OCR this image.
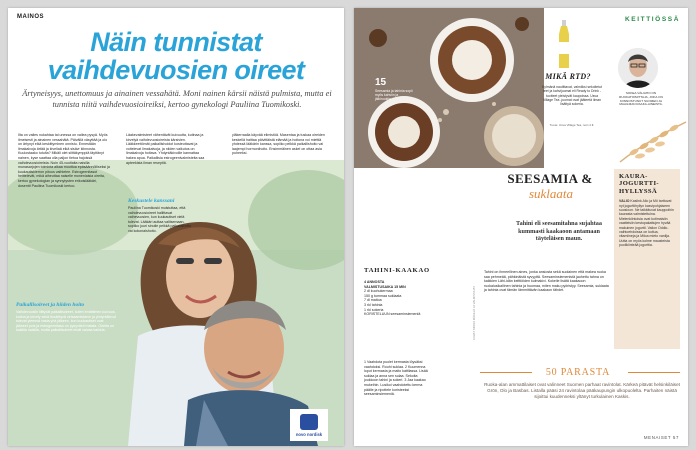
MAINOS
Näin tunnistat
vaihdevuosien oireet
Ärtyneisyys, unettomuus ja ainainen vessahätä. Moni nainen kärsii näistä pulmista, mutta ei tunnista niitä vaihdevuosioireiksi, kertoo gynekologi Pauliina Tuomikoski.

Ilta on vailes nukahtaa tai unessa on vailea pysyä. Myös ilmeisesti ja ainainen vessahätä. Päivällä väsyttää ja olo on ärtynyt eikä keskittyminen onnistu. Ennestään limakalvoja ärtää ja kiveliaä eikä sisävr kiinnosta. Kuulostaako tutulta? Mikäli olet siittäkymppiä täyttänyt nainen, kyse saattaa olla paljon tietoa hajoissä vaihdevuosioireista. Noin 45-vuotiaita naisilla munasarjojen toiminta alkaa muuttua epäsäännölliseksi ja kuukautiskierron pituus vaihtelee. Estrogeenitasot heittelevät, mikä aiheuttaa naiselle monenlaisia oireita, kertoo gynekologian ja synnytysten erikoislääkäri, dosentti Pauliina Tuomikoski kertoo.

Paikallisoireet ja hiiden hoito

Vaihdevuosiin liittyvät paikallisoireet, kuten emättimen kuivuus, kutina ja kirvely sekä tiuskittyvä virtsaamistarve ja yhdyntäkivut tulevat yleensä vasta yhä jälkeen, kun kuukautiset ovat jääneet pois ja estrogeenitaso on pysyvästi matala. Oireita on kaikilla naisilla, mutta paikallisoireet eivät vaivaa kaikkia.

Läakevalmisteet vähentävät kuivuutta, kutinaa ja kirvelyä vaihdevuosioireista kärsivien. Lääkkeettömät paikallishoidot kosteuttavat ja voitelevat limakalvoja, ja niiden vaikutus on limakalvoja hoitava. Yhdyntäkivuille kannattaa hakea apua. Paikallisia estrogeenivalmisteita saa apteekista ilman reseptiä.

Keskustele kanssani

Pauliina Tuomikoski muistuttaa, että vaihdevuosioireet hallittavat vaihevuosien, kun kuukautiset vielä tulevat. Lääkäri auttaa valitsemaan, sopiiko juuri sinulle pelkkä paikallishoito vai kokonaishoito.

yläkerraalla käyvää elimistöä. Masentaa ja tuskaa oireiden keskellä haittaa päivittäistä elämää ja hoitona voi miettiä yhdessä lääkärin kanssa, sopiiko pelkkä paikallishoito vai laajempi hormonihoito. Ensimmäinen askel on ottaa asia puheeksi.

novo nordisk
15
Seesamia ja tahinia sopii myös kahviin ja jälkiruokiin.
KEITTIÖSSÄ
MIKÄ RTD?
Kylmänä nautittavat, valmiiksi sekoitetut teet ja kahvijuomat eli Ready to Drink -tuotteet yleistyvät kaupoissa. Usva Village Tea -juomat ovat jääteetä ilman lisättyä sokeria.
Tuote: Usva Village Tea, noin 4 €.
SOKEA VÄLIAHO ON RUOKATOIMITTAJA, JOKA ON KIINNOSTUNUT SUOMEN JA MAAILMAN RAAKA-AINEISTA.
SEESAMIA &
suklaata
Tahini eli seesamitahna sujahtaa kummasti kaakaoon antamaan täyteläisen maun.
KAURA-JOGURTTI-HYLLYSSÄ
VALIO Kaslink Alio ja Mö tarttuvat nyt jogurttihyllyn kasvipohjaiseen suosioon. Ne taikkituvat kauppoihin kaurasta valmistettuina. Mielenkiintoisia ovat kotimaisiin vaatteisiin kestopakattujen hyvää makuinen jogurtti. Valion Oddlo-vaihtoehdoissa on kuitua, vitamiineja ja Miloa mieto vanilja. Uutta on myös kolme mausteista puolikiinteää jogurttia.
TAHINI-KAAKAO
4 ANNOSTA
VALMISTUSAIKA 15 MIN
2 dl kuohukermaa
150 g tummaa suklaata
7 dl maitoa
3 rkl tahinia
1 rkl sokeria
KORISTELUUN seesaminsiemeniä
1 Vaahdota puolet kermasta löysäksi vaahdoksi. Rouhi suklaa. 2 Kuumenna loput kermasta ja maito kattilassa. Lisää suklaa ja anna sen sulaa. Sekoita joukkoon tahini ja sokeri. 3 Jaa kaakao mukeihin. Lusikoi vaahdotettu kerma päälle ja ripottele koristeeksi seesaminsiemeniä.
Tahini on ihmeellinen aines, jonka ansiosta sekä suolainen että makea ruoka saa pehmeää, pähkinäistä syvyyttä. Seesaminsiemenistä jauhettu tahna on kaikkien Lähi-idän keittiöiden kulmakivi. Kokeile lisätä kaakaoon ruokalusikallinen tahinia ja huomaa, miten maku pyöristyy. Seesamia, suklaata ja tahinia ovat tämän lämmittävän kaakaon tähdet.
50 PARASTA
Ruoka-alan ammattilaiset ovat valinneet Suomen parhaat ravintolat. Kärkeä pitävät helsinkiläiset Grön, Olo ja Basbas. Listalla pääsi 24 ravintolaa pääkaupungin ulkopuolelta. Parhaiten näistä sijoittui kuudenneksi yltänyt turkulainen Kaskis.
KUVAT: MINNA MÄKELÄ JA VALMISTAJAT
MENAISET 57
